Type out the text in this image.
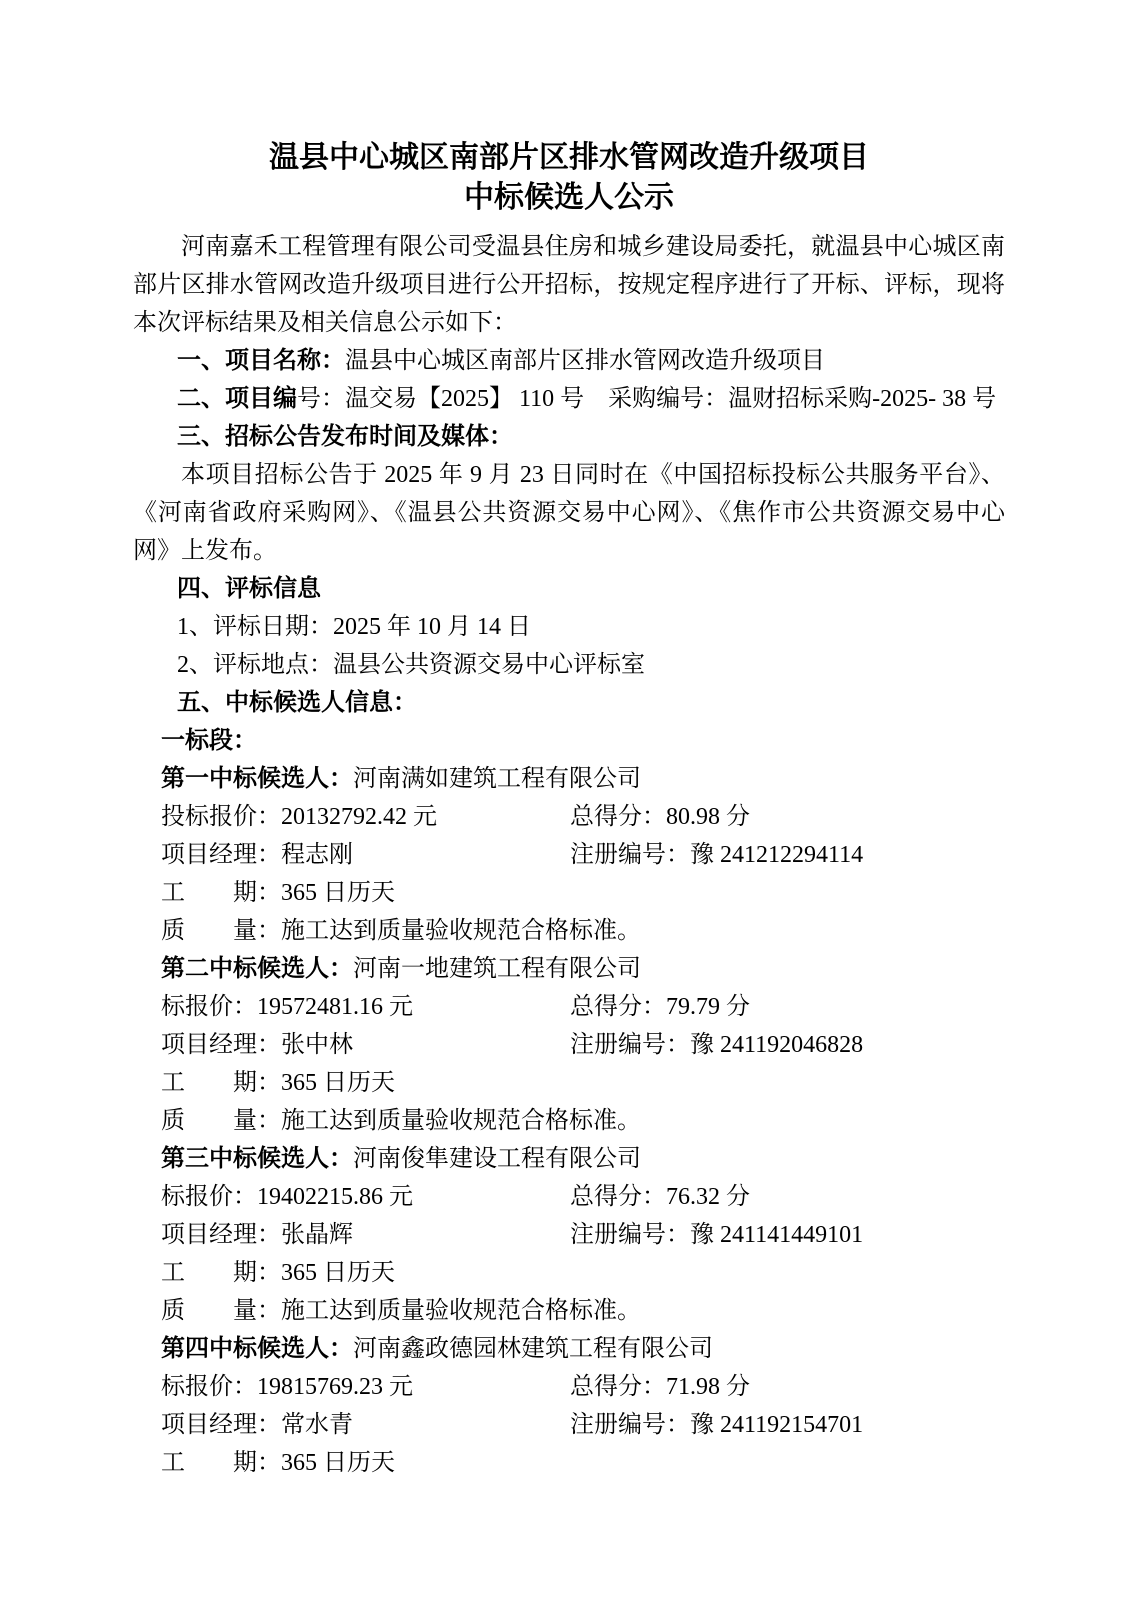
温县中心城区南部片区排水管网改造升级项目
中标候选人公示

河南嘉禾工程管理有限公司受温县住房和城乡建设局委托，就温县中心城区南部片区排水管网改造升级项目进行公开招标，按规定程序进行了开标、评标，现将本次评标结果及相关信息公示如下：

一、项目名称：温县中心城区南部片区排水管网改造升级项目
二、项目编号：温交易【2025】 110 号　采购编号：温财招标采购-2025- 38 号
三、招标公告发布时间及媒体：

本项目招标公告于 2025 年 9 月 23 日同时在《中国招标投标公共服务平台》、《河南省政府采购网》、《温县公共资源交易中心网》、《焦作市公共资源交易中心网》上发布。

四、评标信息
1、评标日期：2025 年 10 月 14 日
2、评标地点：温县公共资源交易中心评标室
五、中标候选人信息：
一标段：
第一中标候选人：河南满如建筑工程有限公司
投标报价：20132792.42 元	总得分：80.98 分
项目经理：程志刚	注册编号：豫 241212294114
工　　期：365 日历天
质　　量：施工达到质量验收规范合格标准。
第二中标候选人：河南一地建筑工程有限公司
标报价：19572481.16 元	总得分：79.79 分
项目经理：张中林	注册编号：豫 241192046828
工　　期：365 日历天
质　　量：施工达到质量验收规范合格标准。
第三中标候选人：河南俊隼建设工程有限公司
标报价：19402215.86 元	总得分：76.32 分
项目经理：张晶辉	注册编号：豫 241141449101
工　　期：365 日历天
质　　量：施工达到质量验收规范合格标准。
第四中标候选人：河南鑫政德园林建筑工程有限公司
标报价：19815769.23 元	总得分：71.98 分
项目经理：常水青	注册编号：豫 241192154701
工　　期：365 日历天
